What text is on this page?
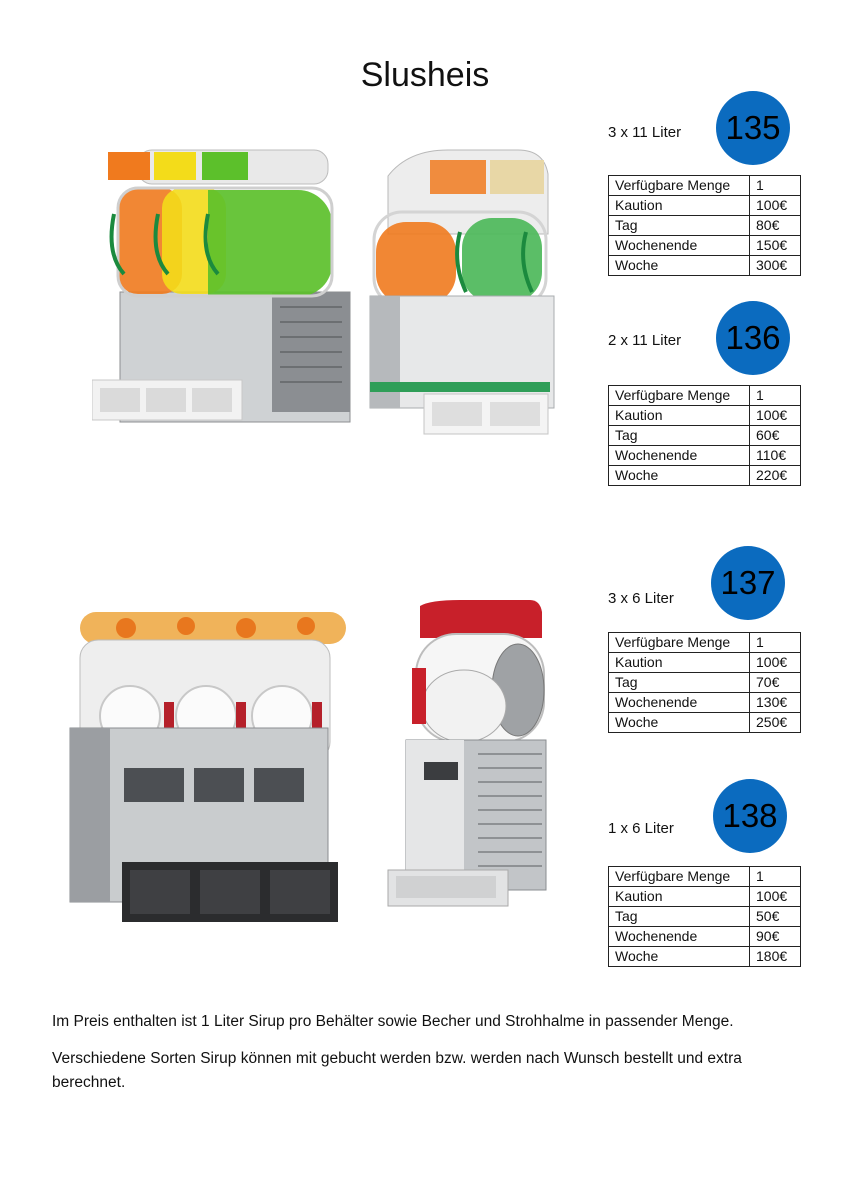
Slusheis
3 x 11 Liter 135
Verfügbare Menge	1
Kaution	100€
Tag	80€
Wochenende	150€
Woche	300€
2 x 11 Liter 136
Verfügbare Menge	1
Kaution	100€
Tag	60€
Wochenende	110€
Woche	220€
3 x 6 Liter 137
Verfügbare Menge	1
Kaution	100€
Tag	70€
Wochenende	130€
Woche	250€
1 x 6 Liter 138
Verfügbare Menge	1
Kaution	100€
Tag	50€
Wochenende	90€
Woche	180€
Im Preis enthalten ist 1 Liter Sirup pro Behälter sowie Becher und Strohhalme in passender Menge.
Verschiedene Sorten Sirup können mit gebucht werden bzw. werden nach Wunsch bestellt und extra berechnet.
